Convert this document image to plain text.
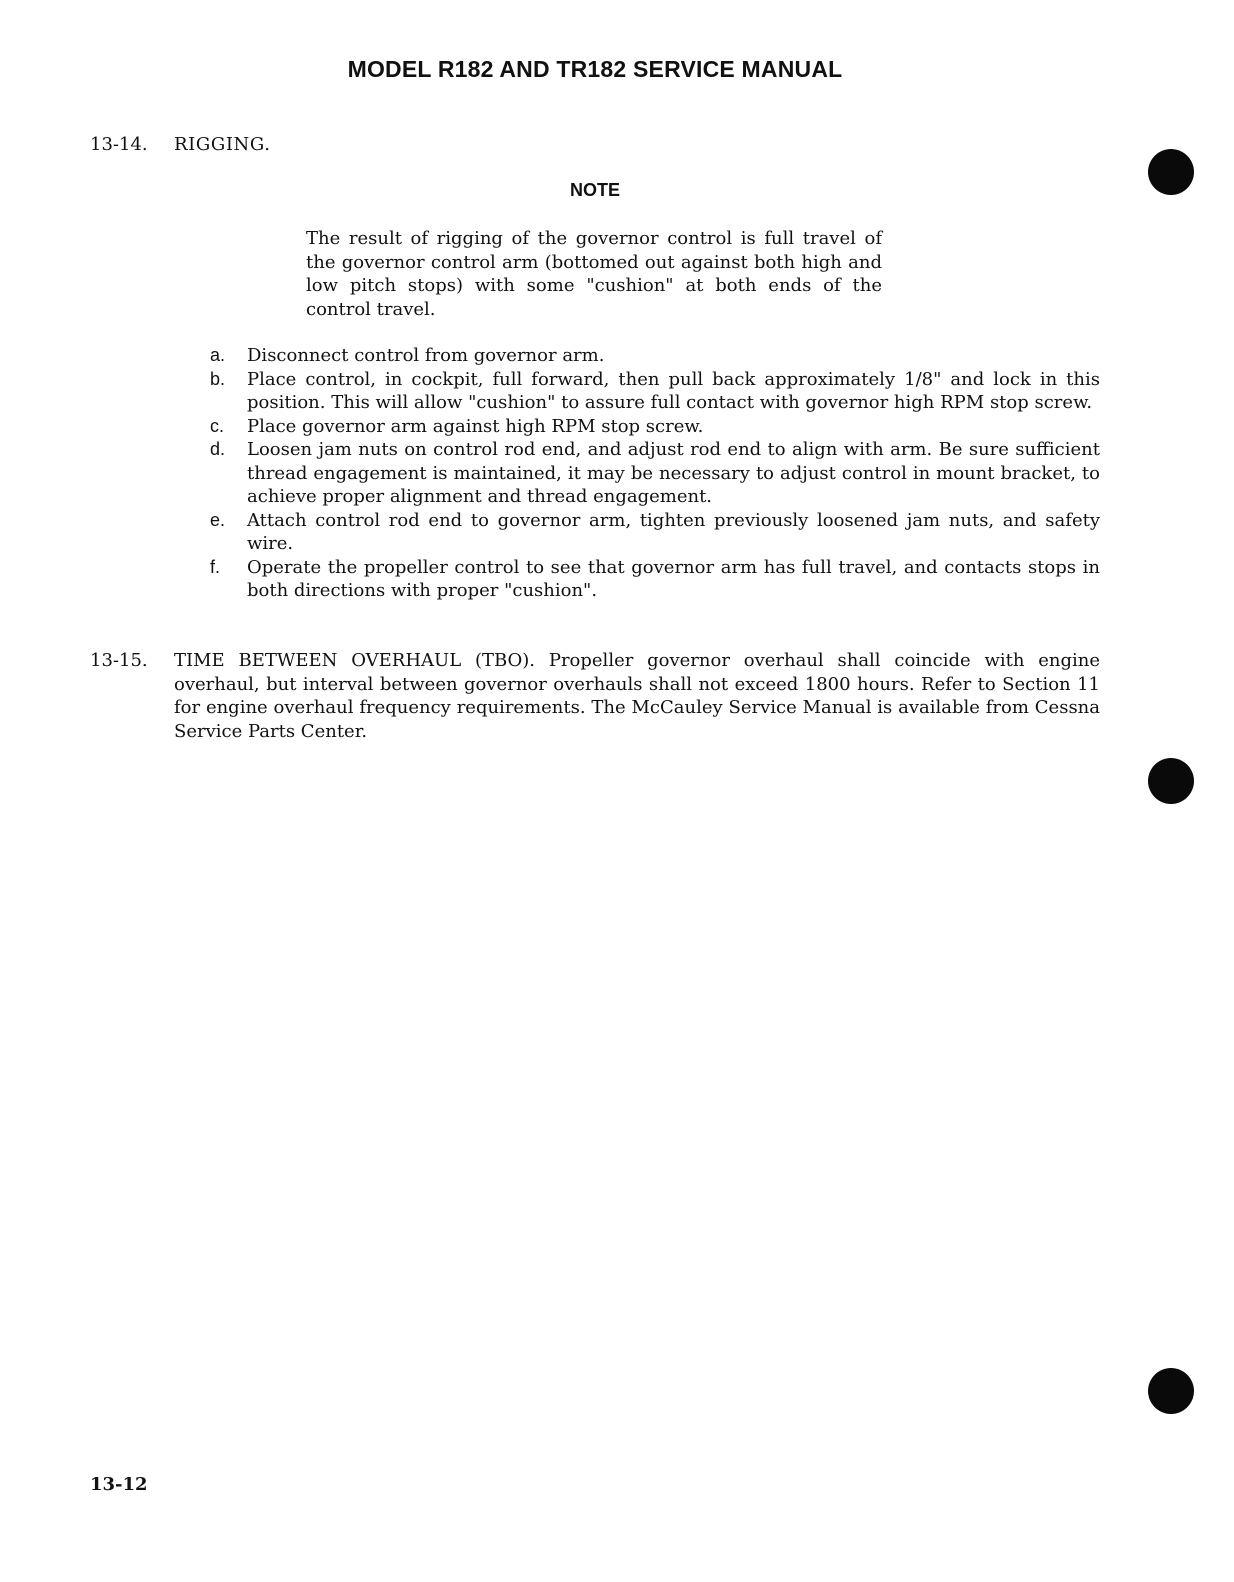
MODEL R182 AND TR182 SERVICE MANUAL
13-14. RIGGING.
NOTE
The result of rigging of the governor control is full travel of the governor control arm (bottomed out against both high and low pitch stops) with some "cushion" at both ends of the control travel.
a. Disconnect control from governor arm.
b. Place control, in cockpit, full forward, then pull back approximately 1/8" and lock in this position. This will allow "cushion" to assure full contact with governor high RPM stop screw.
c. Place governor arm against high RPM stop screw.
d. Loosen jam nuts on control rod end, and adjust rod end to align with arm. Be sure sufficient thread engagement is maintained, it may be necessary to adjust control in mount bracket, to achieve proper alignment and thread engagement.
e. Attach control rod end to governor arm, tighten previously loosened jam nuts, and safety wire.
f. Operate the propeller control to see that governor arm has full travel, and contacts stops in both directions with proper "cushion".
13-15. TIME BETWEEN OVERHAUL (TBO). Propeller governor overhaul shall coincide with engine overhaul, but interval between governor overhauls shall not exceed 1800 hours. Refer to Section 11 for engine overhaul frequency requirements. The McCauley Service Manual is available from Cessna Service Parts Center.
13-12
